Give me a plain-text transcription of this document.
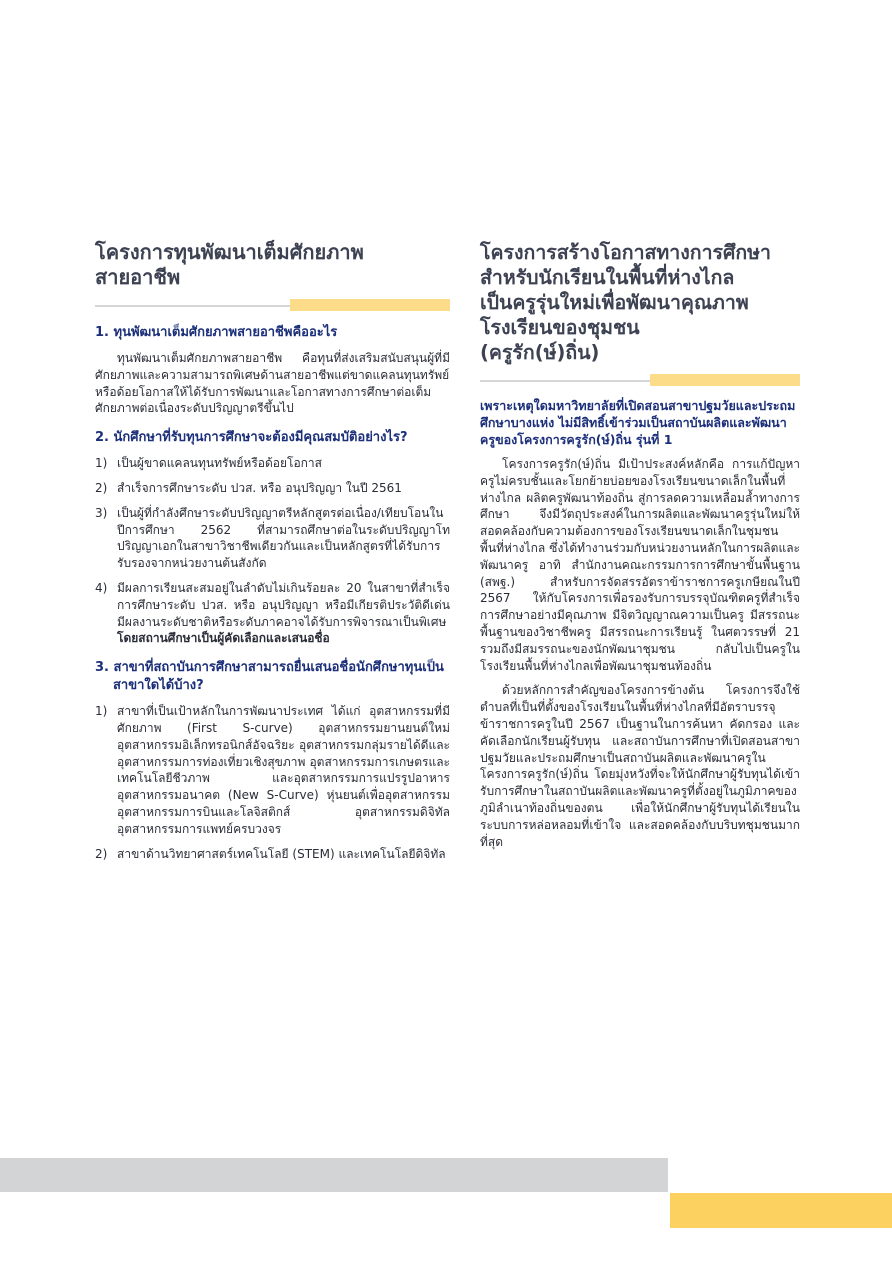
โครงการทุนพัฒนาเต็มศักยภาพ
สายอาชีพ
1. ทุนพัฒนาเต็มศักยภาพสายอาชีพคืออะไร

ทุนพัฒนาเต็มศักยภาพสายอาชีพ คือทุนที่ส่งเสริมสนับสนุนผู้ที่มีศักยภาพและความสามารถพิเศษด้านสายอาชีพแต่ขาดแคลนทุนทรัพย์หรือด้อยโอกาสให้ได้รับการพัฒนาและโอกาสทางการศึกษาต่อเต็มศักยภาพต่อเนื่องระดับปริญญาตรีขึ้นไป

2. นักศึกษาที่รับทุนการศึกษาจะต้องมีคุณสมบัติอย่างไร?
1) เป็นผู้ขาดแคลนทุนทรัพย์หรือด้อยโอกาส
2) สำเร็จการศึกษาระดับ ปวส. หรือ อนุปริญญา ในปี 2561
3) เป็นผู้ที่กำลังศึกษาระดับปริญญาตรีหลักสูตรต่อเนื่อง/เทียบโอนในปีการศึกษา 2562 ที่สามารถศึกษาต่อในระดับปริญญาโท ปริญญาเอกในสาขาวิชาชีพเดียวกันและเป็นหลักสูตรที่ได้รับการรับรองจากหน่วยงานต้นสังกัด
4) มีผลการเรียนสะสมอยู่ในลำดับไม่เกินร้อยละ 20 ในสาขาที่สำเร็จการศึกษาระดับ ปวส. หรือ อนุปริญญา หรือมีเกียรติประวัติดีเด่น มีผลงานระดับชาติหรือระดับภาคอาจได้รับการพิจารณาเป็นพิเศษ โดยสถานศึกษาเป็นผู้คัดเลือกและเสนอชื่อ
3. สาขาที่สถาบันการศึกษาสามารถยื่นเสนอชื่อนักศึกษาทุนเป็นสาขาใดได้บ้าง?
1) สาขาที่เป็นเป้าหลักในการพัฒนาประเทศ ได้แก่ อุตสาหกรรมที่มีศักยภาพ (First S-curve) อุตสาหกรรมยานยนต์ใหม่ อุตสาหกรรมอิเล็กทรอนิกส์อัจฉริยะ อุตสาหกรรมกลุ่มรายได้ดีและอุตสาหกรรมการท่องเที่ยวเชิงสุขภาพ อุตสาหกรรมการเกษตรและเทคโนโลยีชีวภาพ และอุตสาหกรรมการแปรรูปอาหาร อุตสาหกรรมอนาคต (New S-Curve) หุ่นยนต์เพื่ออุตสาหกรรม อุตสาหกรรมการบินและโลจิสติกส์ อุตสาหกรรมดิจิทัล อุตสาหกรรมการแพทย์ครบวงจร
2) สาขาด้านวิทยาศาสตร์เทคโนโลยี (STEM) และเทคโนโลยีดิจิทัล
โครงการสร้างโอกาสทางการศึกษา
สำหรับนักเรียนในพื้นที่ห่างไกล
เป็นครูรุ่นใหม่เพื่อพัฒนาคุณภาพ
โรงเรียนของชุมชน
(ครูรัก(ษ์)ถิ่น)
เพราะเหตุใดมหาวิทยาลัยที่เปิดสอนสาขาปฐมวัยและประถมศึกษาบางแห่ง ไม่มีสิทธิ์เข้าร่วมเป็นสถาบันผลิตและพัฒนาครูของโครงการครูรัก(ษ์)ถิ่น รุ่นที่ 1

โครงการครูรัก(ษ์)ถิ่น มีเป้าประสงค์หลักคือ การแก้ปัญหาครูไม่ครบชั้นและโยกย้ายบ่อยของโรงเรียนขนาดเล็กในพื้นที่ห่างไกล ผลิตครูพัฒนาท้องถิ่น สู่การลดความเหลื่อมล้ำทางการศึกษา จึงมีวัตถุประสงค์ในการผลิตและพัฒนาครูรุ่นใหม่ให้สอดคล้องกับความต้องการของโรงเรียนขนาดเล็กในชุมชนพื้นที่ห่างไกล ซึ่งได้ทำงานร่วมกับหน่วยงานหลักในการผลิตและพัฒนาครู อาทิ สำนักงานคณะกรรมการการศึกษาขั้นพื้นฐาน (สพฐ.) สำหรับการจัดสรรอัตราข้าราชการครูเกษียณในปี 2567 ให้กับโครงการเพื่อรองรับการบรรจุบัณฑิตครูที่สำเร็จการศึกษาอย่างมีคุณภาพ มีจิตวิญญาณความเป็นครู มีสรรถนะพื้นฐานของวิชาชีพครู มีสรรถนะการเรียนรู้ ในศตวรรษที่ 21 รวมถึงมีสมรรถนะของนักพัฒนาชุมชน กลับไปเป็นครูในโรงเรียนพื้นที่ห่างไกลเพื่อพัฒนาชุมชนท้องถิ่น

ด้วยหลักการสำคัญของโครงการข้างต้น โครงการจึงใช้ตำบลที่เป็นที่ตั้งของโรงเรียนในพื้นที่ห่างไกลที่มีอัตราบรรจุข้าราชการครูในปี 2567 เป็นฐานในการค้นหา คัดกรอง และคัดเลือกนักเรียนผู้รับทุน และสถาบันการศึกษาที่เปิดสอนสาขาปฐมวัยและประถมศึกษาเป็นสถาบันผลิตและพัฒนาครูในโครงการครูรัก(ษ์)ถิ่น โดยมุ่งหวังที่จะให้นักศึกษาผู้รับทุนได้เข้ารับการศึกษาในสถาบันผลิตและพัฒนาครูที่ตั้งอยู่ในภูมิภาคของภูมิลำเนาท้องถิ่นของตน เพื่อให้นักศึกษาผู้รับทุนได้เรียนในระบบการหล่อหลอมที่เข้าใจ และสอดคล้องกับบริบทชุมชนมากที่สุด
